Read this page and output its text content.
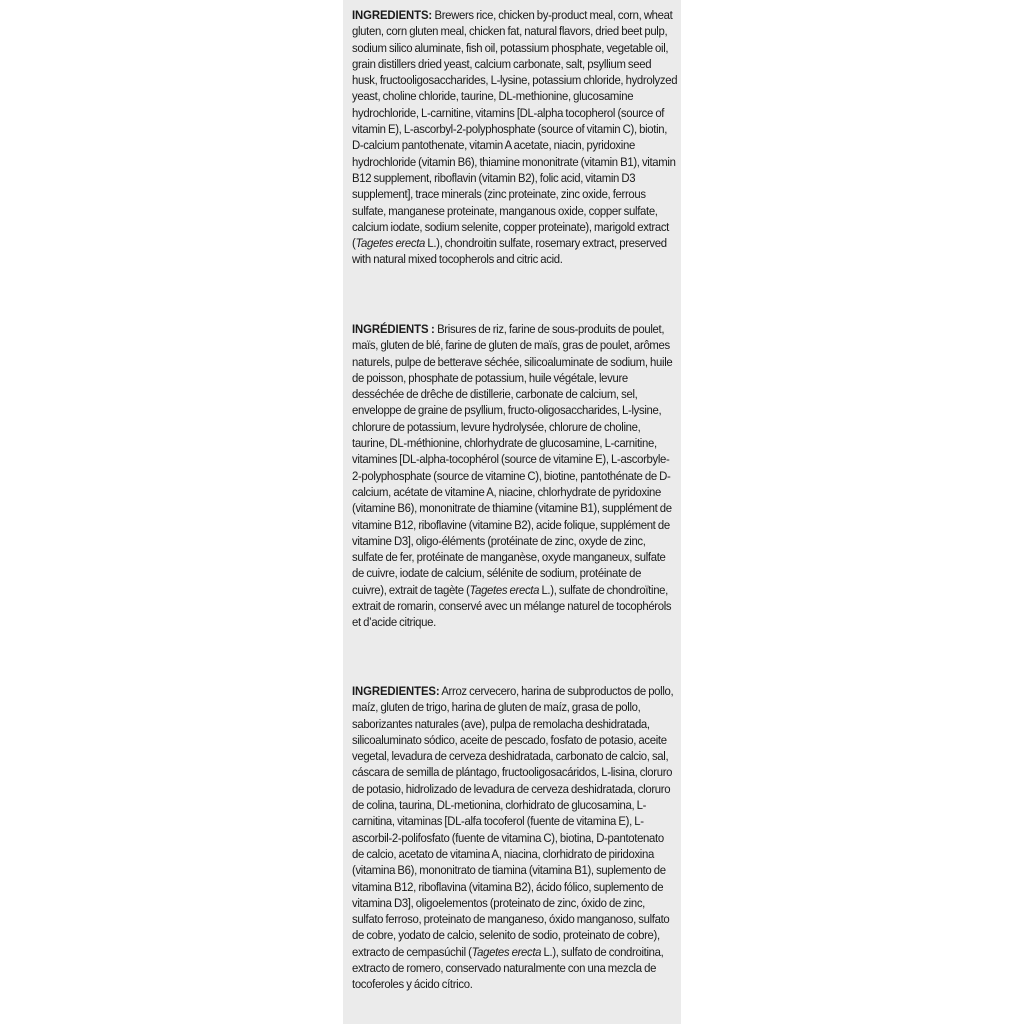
INGREDIENTS: Brewers rice, chicken by-product meal, corn, wheat gluten, corn gluten meal, chicken fat, natural flavors, dried beet pulp, sodium silico aluminate, fish oil, potassium phosphate, vegetable oil, grain distillers dried yeast, calcium carbonate, salt, psyllium seed husk, fructooligosaccharides, L-lysine, potassium chloride, hydrolyzed yeast, choline chloride, taurine, DL-methionine, glucosamine hydrochloride, L-carnitine, vitamins [DL-alpha tocopherol (source of vitamin E), L-ascorbyl-2-polyphosphate (source of vitamin C), biotin, D-calcium pantothenate, vitamin A acetate, niacin, pyridoxine hydrochloride (vitamin B6), thiamine mononitrate (vitamin B1), vitamin B12 supplement, riboflavin (vitamin B2), folic acid, vitamin D3 supplement], trace minerals (zinc proteinate, zinc oxide, ferrous sulfate, manganese proteinate, manganous oxide, copper sulfate, calcium iodate, sodium selenite, copper proteinate), marigold extract (Tagetes erecta L.), chondroitin sulfate, rosemary extract, preserved with natural mixed tocopherols and citric acid.
INGRÉDIENTS : Brisures de riz, farine de sous-produits de poulet, maïs, gluten de blé, farine de gluten de maïs, gras de poulet, arômes naturels, pulpe de betterave séchée, silicoaluminate de sodium, huile de poisson, phosphate de potassium, huile végétale, levure desséchée de drêche de distillerie, carbonate de calcium, sel, enveloppe de graine de psyllium, fructo-oligosaccharides, L-lysine, chlorure de potassium, levure hydrolysée, chlorure de choline, taurine, DL-méthionine, chlorhydrate de glucosamine, L-carnitine, vitamines [DL-alpha-tocophérol (source de vitamine E), L-ascorbyle-2-polyphosphate (source de vitamine C), biotine, pantothénate de D-calcium, acétate de vitamine A, niacine, chlorhydrate de pyridoxine (vitamine B6), mononitrate de thiamine (vitamine B1), supplément de vitamine B12, riboflavine (vitamine B2), acide folique, supplément de vitamine D3], oligo-éléments (protéinate de zinc, oxyde de zinc, sulfate de fer, protéinate de manganèse, oxyde manganeux, sulfate de cuivre, iodate de calcium, sélénite de sodium, protéinate de cuivre), extrait de tagète (Tagetes erecta L.), sulfate de chondroïtine, extrait de romarin, conservé avec un mélange naturel de tocophérols et d’acide citrique.
INGREDIENTES: Arroz cervecero, harina de subproductos de pollo, maíz, gluten de trigo, harina de gluten de maíz, grasa de pollo, saborizantes naturales (ave), pulpa de remolacha deshidratada, silicoaluminato sódico, aceite de pescado, fosfato de potasio, aceite vegetal, levadura de cerveza deshidratada, carbonato de calcio, sal, cáscara de semilla de plántago, fructooligosacáridos, L-lisina, cloruro de potasio, hidrolizado de levadura de cerveza deshidratada, cloruro de colina, taurina, DL-metionina, clorhidrato de glucosamina, L-carnitina, vitaminas [DL-alfa tocoferol (fuente de vitamina E), L-ascorbil-2-polifosfato (fuente de vitamina C), biotina, D-pantotenato de calcio, acetato de vitamina A, niacina, clorhidrato de piridoxina (vitamina B6), mononitrato de tiamina (vitamina B1), suplemento de vitamina B12, riboflavina (vitamina B2), ácido fólico, suplemento de vitamina D3], oligoelementos (proteinato de zinc, óxido de zinc, sulfato ferroso, proteinato de manganeso, óxido manganoso, sulfato de cobre, yodato de calcio, selenito de sodio, proteinato de cobre), extracto de cempasúchil (Tagetes erecta L.), sulfato de condroitina, extracto de romero, conservado naturalmente con una mezcla de tocoferoles y ácido cítrico.
